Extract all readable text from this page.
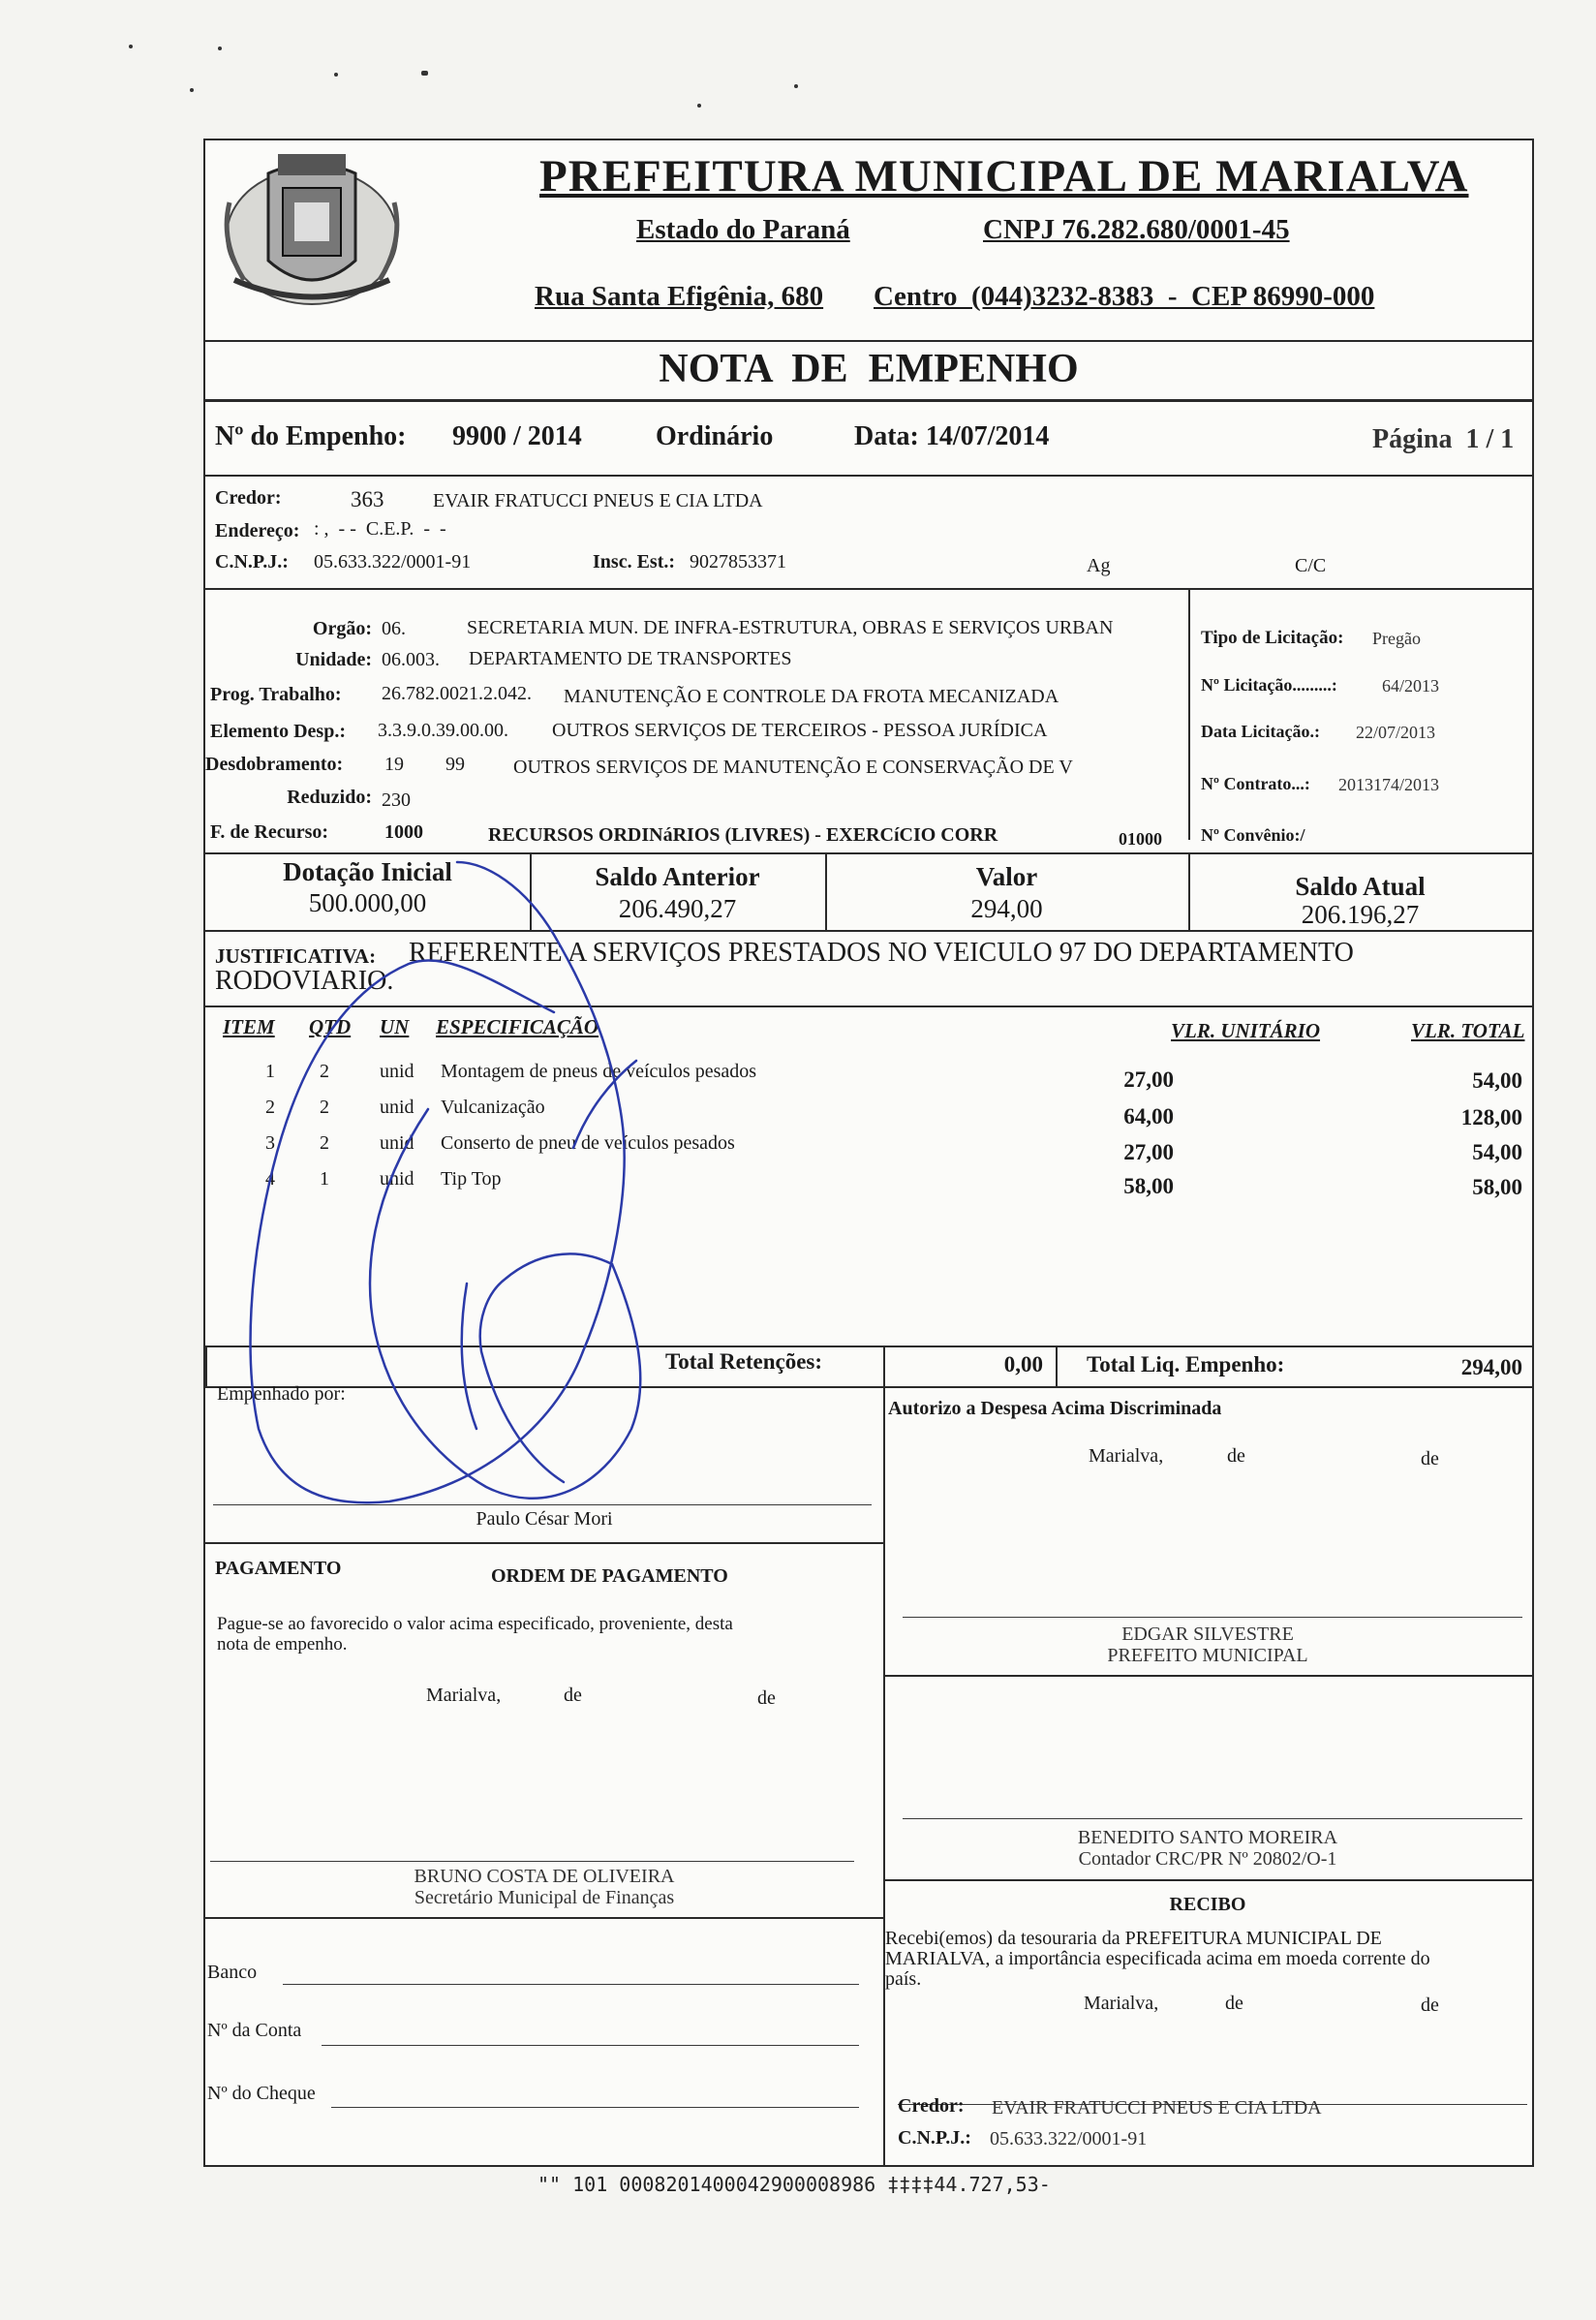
PREFEITURA MUNICIPAL DE MARIALVA
Estado do Paraná	CNPJ 76.282.680/0001-45
Rua Santa Efigênia, 680 Centro  (044)3232-8383  -  CEP 86990-000
NOTA  DE  EMPENHO
Nº do Empenho: 9900 / 2014	Ordinário	Data: 14/07/2014	Página  1 / 1
Credor:	363	EVAIR FRATUCCI PNEUS E CIA LTDA
Endereço: : ,  - -  C.E.P.  -  -
C.N.P.J.: 05.633.322/0001-91	Insc. Est.: 9027853371	Ag	C/C
Orgão: 06.	SECRETARIA MUN. DE INFRA-ESTRUTURA, OBRAS E SERVIÇOS URBAN
Unidade: 06.003. DEPARTAMENTO DE TRANSPORTES
Prog. Trabalho: 26.782.0021.2.042. MANUTENÇÃO E CONTROLE DA FROTA MECANIZADA
Elemento Desp.: 3.3.9.0.39.00.00. OUTROS SERVIÇOS DE TERCEIROS - PESSOA JURÍDICA
Desdobramento: 19 99	OUTROS SERVIÇOS DE MANUTENÇÃO E CONSERVAÇÃO DE V
Reduzido: 230
F. de Recurso:	1000	RECURSOS ORDINáRIOS (LIVRES) - EXERCíCIO CORR	01000
Tipo de Licitação: Pregão
Nº Licitação.........:	64/2013
Data Licitação.: 22/07/2013
Nº Contrato...: 2013174/2013
Nº Convênio:/
Dotação Inicial
500.000,00
Saldo Anterior
206.490,27
Valor
294,00
Saldo Atual
206.196,27
JUSTIFICATIVA: REFERENTE A SERVIÇOS PRESTADOS NO VEICULO 97 DO DEPARTAMENTO
RODOVIARIO.
ITEM QTD UN ESPECIFICAÇÃO	VLR. UNITÁRIO	VLR. TOTAL
1 2	unid Montagem de pneus de veículos pesados	27,00	54,00
2 2	unid Vulcanização	64,00	128,00
3 2	unid Conserto de pneu de veículos pesados	27,00	54,00
4 1	unid Tip Top	58,00	58,00
Total Retenções:	0,00 Total Liq. Empenho:	294,00
Empenhado por:
Paulo César Mori
Autorizo a Despesa Acima Discriminada
Marialva,	de	de
EDGAR SILVESTRE
PREFEITO MUNICIPAL
PAGAMENTO	ORDEM DE PAGAMENTO
Pague-se ao favorecido o valor acima especificado, proveniente, desta
nota de empenho.
Marialva,	de	de
BRUNO COSTA DE OLIVEIRA
Secretário Municipal de Finanças
BENEDITO SANTO MOREIRA
Contador CRC/PR Nº 20802/O-1
RECIBO
Recebi(emos) da tesouraria da PREFEITURA MUNICIPAL DE
MARIALVA, a importância especificada acima em moeda corrente do
país.
Marialva,	de	de
Credor: EVAIR FRATUCCI PNEUS E CIA LTDA
C.N.P.J.: 05.633.322/0001-91
Banco
Nº da Conta
Nº do Cheque
"" 101 0008201400042900008986 ‡‡‡‡44.727,53-
